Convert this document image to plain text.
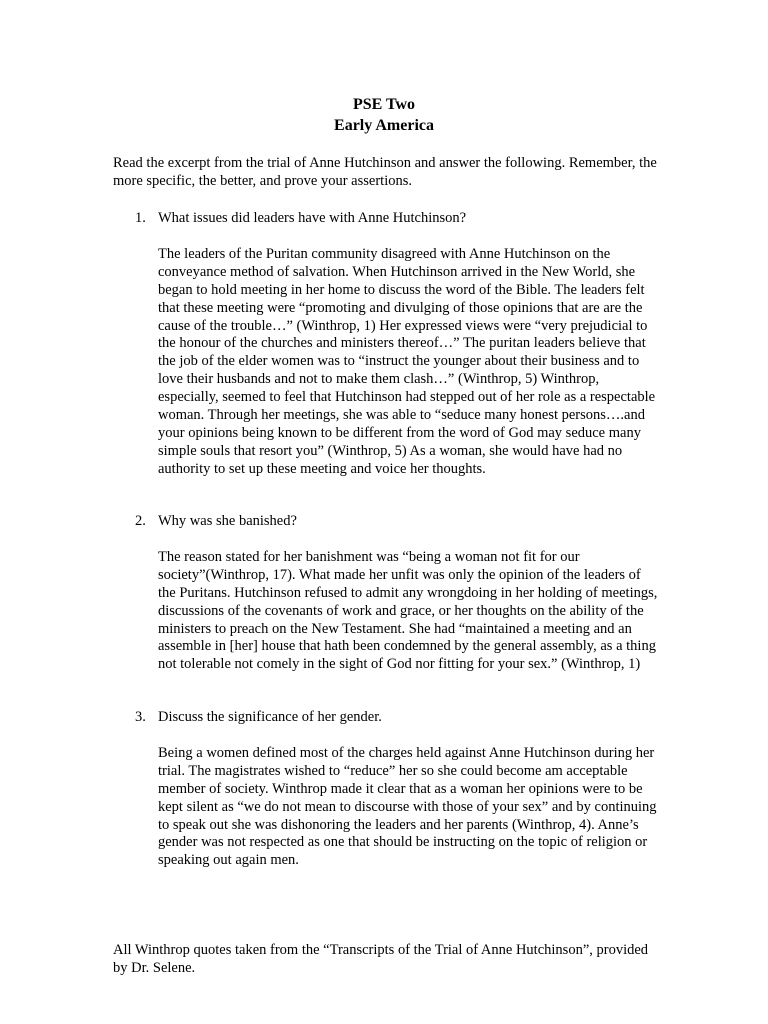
PSE Two
Early America

Read the excerpt from the trial of Anne Hutchinson and answer the following. Remember, the more specific, the better, and prove your assertions.

1. What issues did leaders have with Anne Hutchinson?

The leaders of the Puritan community disagreed with Anne Hutchinson on the conveyance method of salvation. When Hutchinson arrived in the New World, she began to hold meeting in her home to discuss the word of the Bible. The leaders felt that these meeting were “promoting and divulging of those opinions that are are the cause of the trouble…” (Winthrop, 1) Her expressed views were “very prejudicial to the honour of the churches and ministers thereof…” The puritan leaders believe that the job of the elder women was to “instruct the younger about their business and to love their husbands and not to make them clash…” (Winthrop, 5) Winthrop, especially, seemed to feel that Hutchinson had stepped out of her role as a respectable woman. Through her meetings, she was able to “seduce many honest persons….and your opinions being known to be different from the word of God may seduce many simple souls that resort you” (Winthrop, 5) As a woman, she would have had no authority to set up these meeting and voice her thoughts.

2. Why was she banished?

The reason stated for her banishment was “being a woman not fit for our society”(Winthrop, 17). What made her unfit was only the opinion of the leaders of the Puritans. Hutchinson refused to admit any wrongdoing in her holding of meetings, discussions of the covenants of work and grace, or her thoughts on the ability of the ministers to preach on the New Testament. She had “maintained a meeting and an assemble in [her] house that hath been condemned by the general assembly, as a thing not tolerable not comely in the sight of God nor fitting for your sex.” (Winthrop, 1)

3. Discuss the significance of her gender.

Being a women defined most of the charges held against Anne Hutchinson during her trial. The magistrates wished to “reduce” her so she could become am acceptable member of society. Winthrop made it clear that as a woman her opinions were to be kept silent as “we do not mean to discourse with those of your sex” and by continuing to speak out she was dishonoring the leaders and her parents (Winthrop, 4). Anne’s gender was not respected as one that should be instructing on the topic of religion or speaking out again men.

All Winthrop quotes taken from the “Transcripts of the Trial of Anne Hutchinson”, provided by Dr. Selene.
